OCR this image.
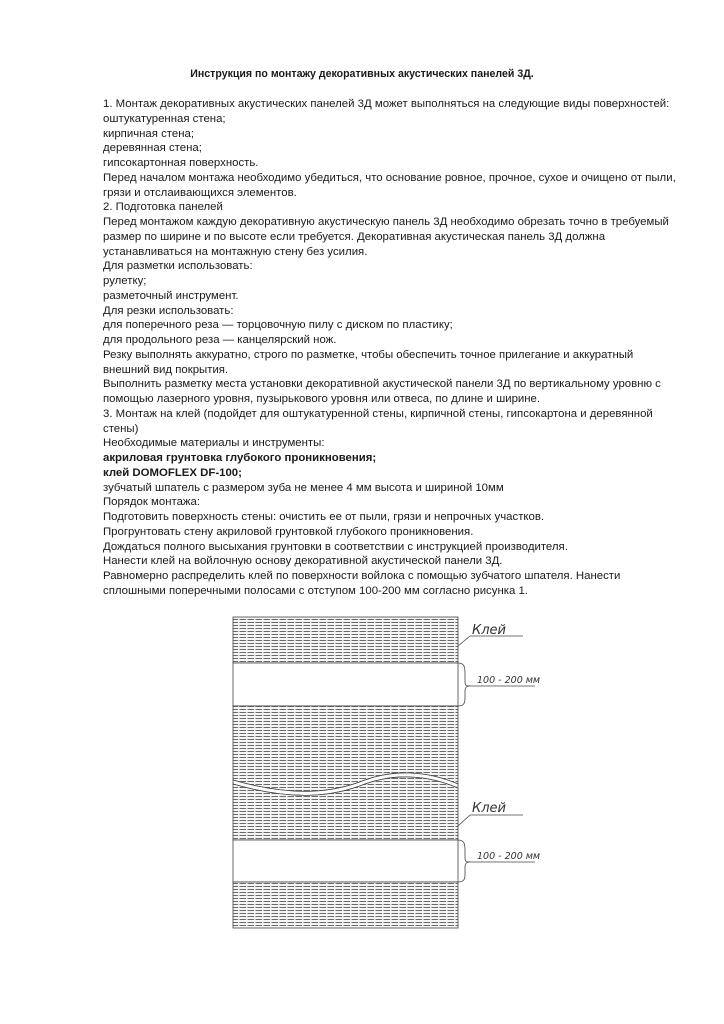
Инструкция по монтажу декоративных акустических панелей 3Д.

1. Монтаж декоративных акустических панелей 3Д может выполняться на следующие виды поверхностей:

оштукатуренная стена;

кирпичная стена;

деревянная стена;

гипсокартонная поверхность.

Перед началом монтажа необходимо убедиться, что основание ровное, прочное, сухое и очищено от пыли,

грязи и отслаивающихся элементов.

2. Подготовка панелей

Перед монтажом каждую декоративную акустическую панель 3Д необходимо обрезать точно в требуемый

размер по ширине и по высоте если требуется. Декоративная акустическая панель 3Д должна

устанавливаться на монтажную стену без усилия.

Для разметки использовать:

рулетку;

разметочный инструмент.

Для резки использовать:

для поперечного реза — торцовочную пилу с диском по пластику;

для продольного реза — канцелярский нож.

Резку выполнять аккуратно, строго по разметке, чтобы обеспечить точное прилегание и аккуратный

внешний вид покрытия.

Выполнить разметку места установки декоративной акустической панели 3Д по вертикальному уровню с

помощью лазерного уровня, пузырькового уровня или отвеса, по длине и ширине.

3. Монтаж на клей (подойдет для оштукатуренной стены, кирпичной стены, гипсокартона и деревянной

стены)

Необходимые материалы и инструменты:

акриловая грунтовка глубокого проникновения;

клей DOMOFLEX DF-100;

зубчатый шпатель с размером зуба не менее 4 мм высота и шириной 10мм

Порядок монтажа:

Подготовить поверхность стены: очистить ее от пыли, грязи и непрочных участков.

Прогрунтовать стену акриловой грунтовкой глубокого проникновения.

Дождаться полного высыхания грунтовки в соответствии с инструкцией производителя.

Нанести клей на войлочную основу декоративной акустической панели 3Д.

Равномерно распределить клей по поверхности войлока с помощью зубчатого шпателя. Нанести

сплошными поперечными полосами с отступом 100-200 мм согласно рисунка 1.

Клей
100 - 200 мм
Клей
100 - 200 мм
